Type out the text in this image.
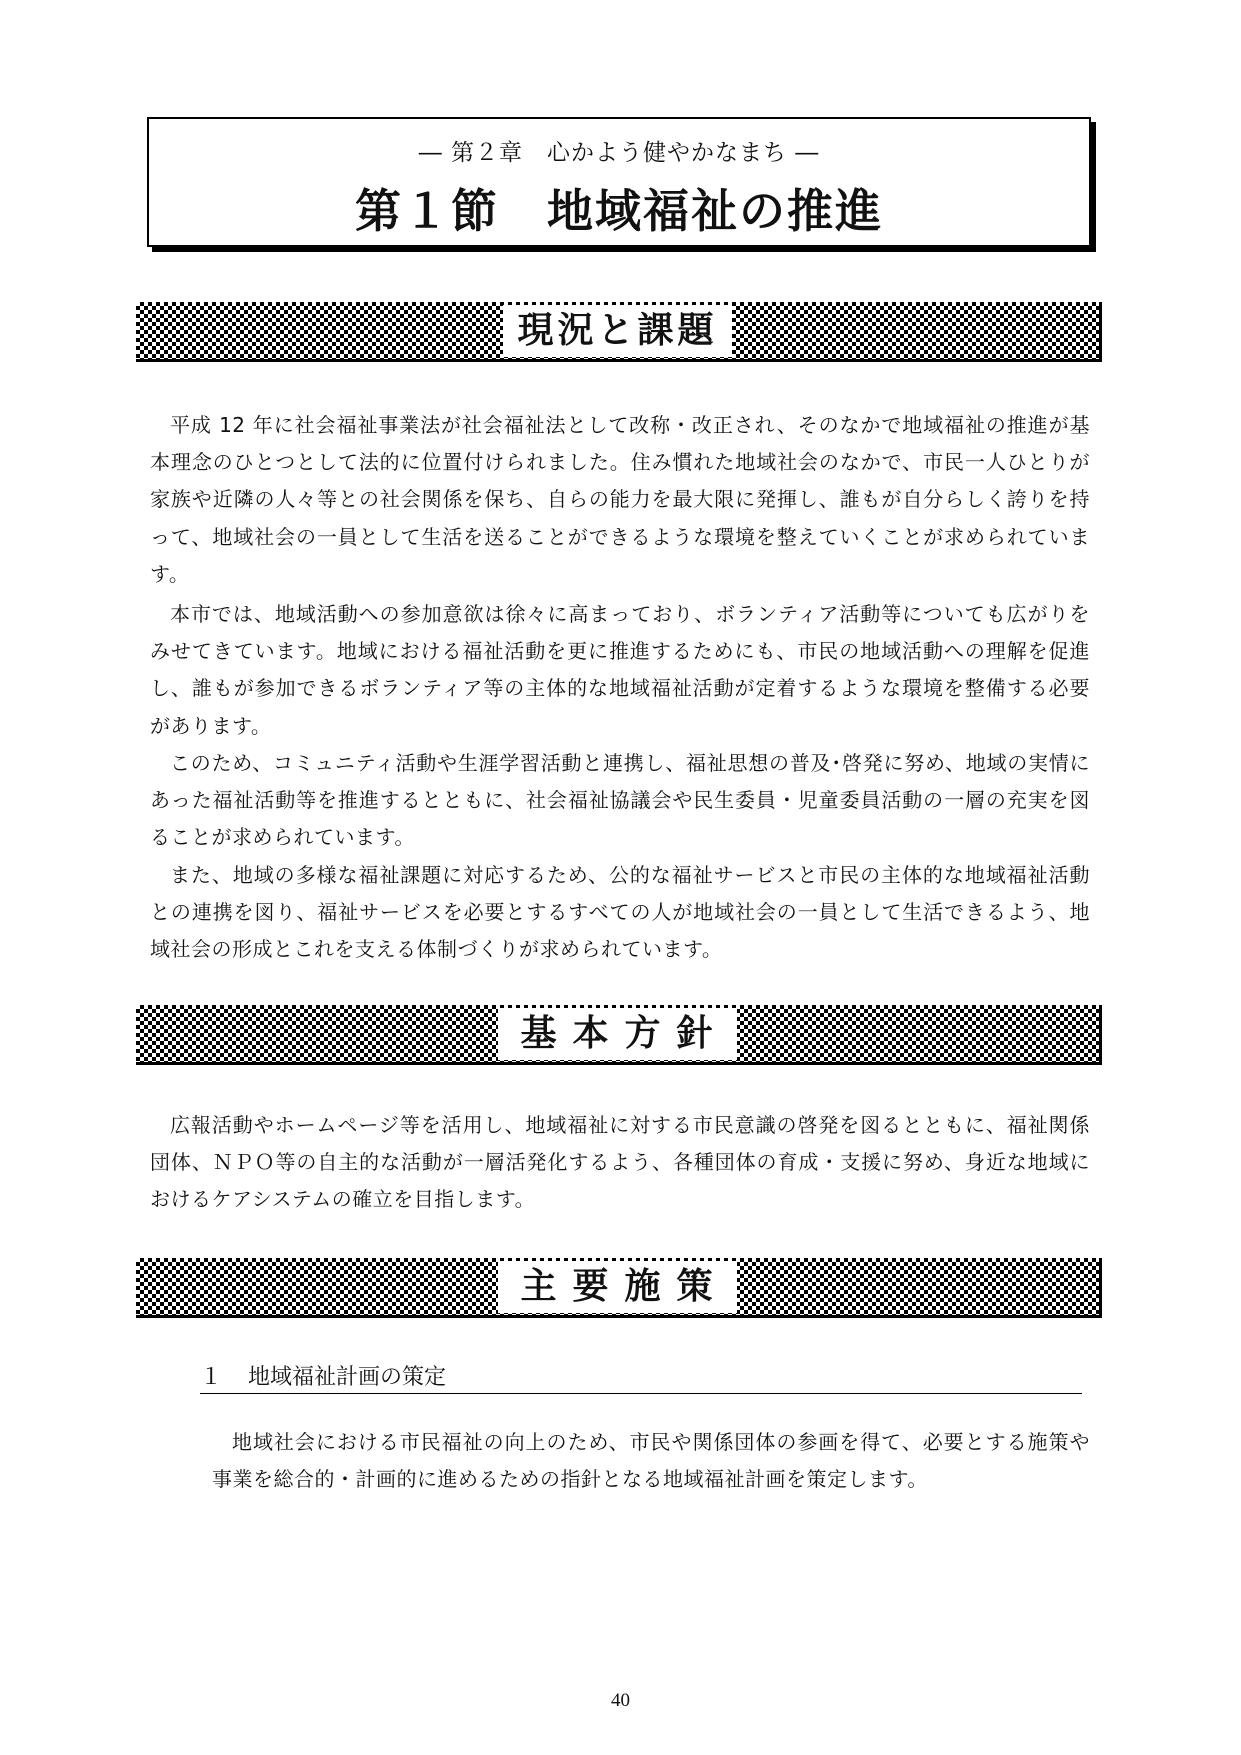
― 第２章　心かよう健やかなまち ―
第１節　地域福祉の推進
現況と課題

平成 12 年に社会福祉事業法が社会福祉法として改称・改正され、そのなかで地域福祉の推進が基本理念のひとつとして法的に位置付けられました。住み慣れた地域社会のなかで、市民一人ひとりが家族や近隣の人々等との社会関係を保ち、自らの能力を最大限に発揮し、誰もが自分らしく誇りを持って、地域社会の一員として生活を送ることができるような環境を整えていくことが求められています。

本市では、地域活動への参加意欲は徐々に高まっており、ボランティア活動等についても広がりをみせてきています。地域における福祉活動を更に推進するためにも、市民の地域活動への理解を促進し、誰もが参加できるボランティア等の主体的な地域福祉活動が定着するような環境を整備する必要があります。

このため、コミュニティ活動や生涯学習活動と連携し、福祉思想の普及･啓発に努め、地域の実情にあった福祉活動等を推進するとともに、社会福祉協議会や民生委員・児童委員活動の一層の充実を図ることが求められています。

また、地域の多様な福祉課題に対応するため、公的な福祉サービスと市民の主体的な地域福祉活動との連携を図り、福祉サービスを必要とするすべての人が地域社会の一員として生活できるよう、地域社会の形成とこれを支える体制づくりが求められています。

基本方針

広報活動やホームページ等を活用し、地域福祉に対する市民意識の啓発を図るとともに、福祉関係団体、ＮＰＯ等の自主的な活動が一層活発化するよう、各種団体の育成・支援に努め、身近な地域におけるケアシステムの確立を目指します。

主要施策
１ 地域福祉計画の策定

地域社会における市民福祉の向上のため、市民や関係団体の参画を得て、必要とする施策や事業を総合的・計画的に進めるための指針となる地域福祉計画を策定します。

40
